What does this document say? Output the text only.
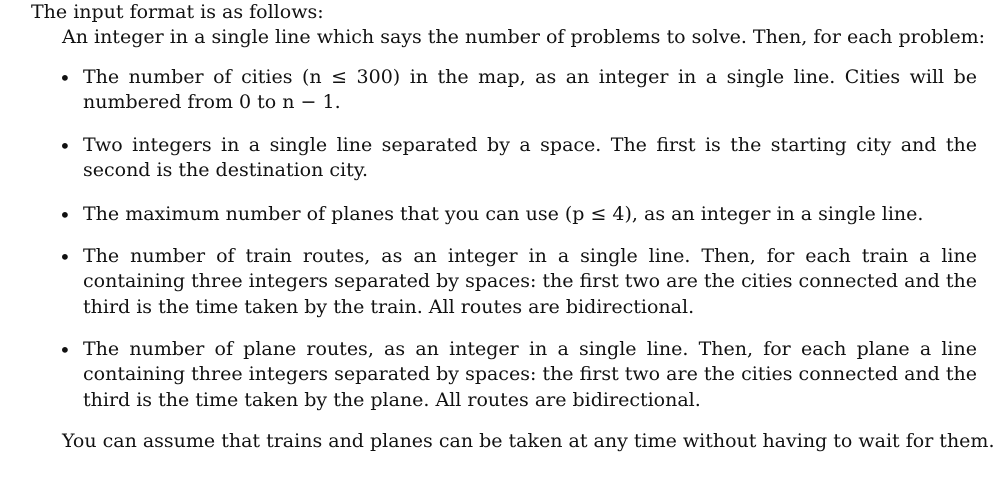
The input format is as follows:
An integer in a single line which says the number of problems to solve. Then, for each problem:
• The number of cities (n ≤ 300) in the map, as an integer in a single line. Cities will be numbered from 0 to n − 1.
• Two integers in a single line separated by a space. The first is the starting city and the second is the destination city.
• The maximum number of planes that you can use (p ≤ 4), as an integer in a single line.
• The number of train routes, as an integer in a single line. Then, for each train a line containing three integers separated by spaces: the first two are the cities connected and the third is the time taken by the train. All routes are bidirectional.
• The number of plane routes, as an integer in a single line. Then, for each plane a line containing three integers separated by spaces: the first two are the cities connected and the third is the time taken by the plane. All routes are bidirectional.
You can assume that trains and planes can be taken at any time without having to wait for them.
